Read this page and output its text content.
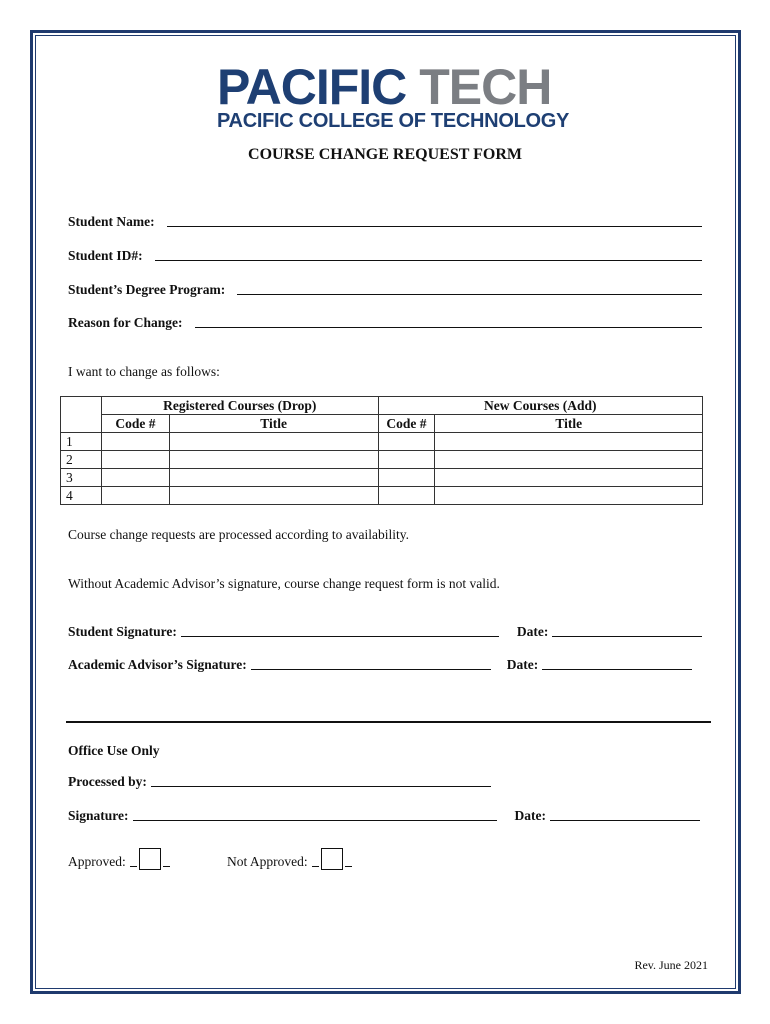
PACIFIC TECH
PACIFIC COLLEGE OF TECHNOLOGY
COURSE CHANGE REQUEST FORM
Student Name:
Student ID#:
Student’s Degree Program:
Reason for Change:
I want to change as follows:
	Registered Courses (Drop)		New Courses (Add)	
	Code #	Title	Code #	Title
1				
2				
3				
4				
Course change requests are processed according to availability.
Without Academic Advisor’s signature, course change request form is not valid.
Student Signature:	Date:
Academic Advisor’s Signature:	Date:
Office Use Only
Processed by:
Signature:	Date:
Approved:	Not Approved:
Rev. June 2021
